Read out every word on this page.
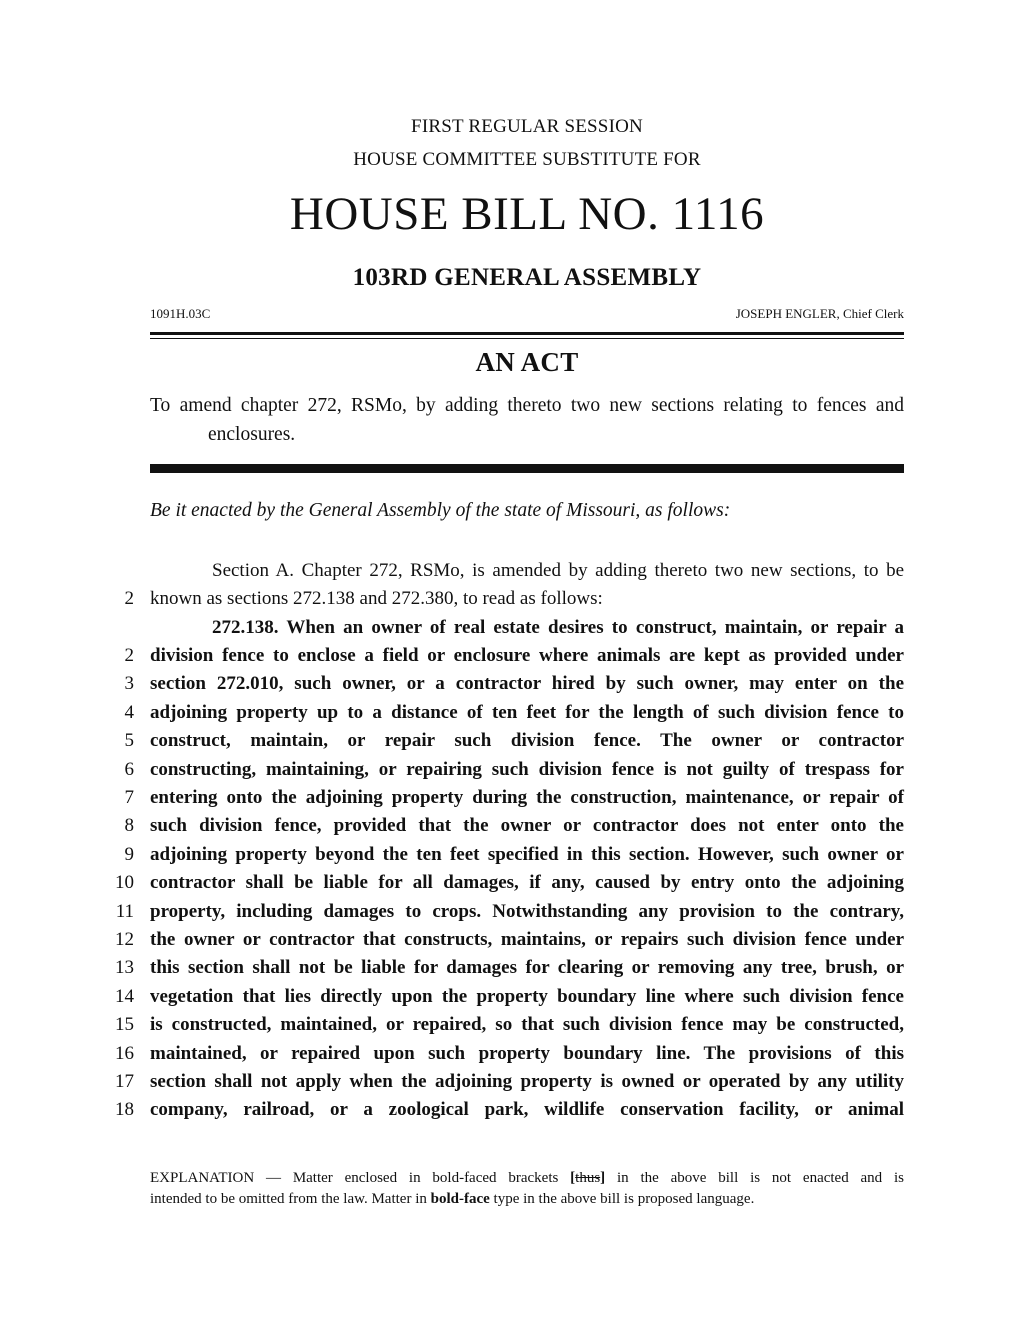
FIRST REGULAR SESSION
HOUSE COMMITTEE SUBSTITUTE FOR
HOUSE BILL NO. 1116
103RD GENERAL ASSEMBLY
1091H.03C	JOSEPH ENGLER, Chief Clerk
AN ACT
To amend chapter 272, RSMo, by adding thereto two new sections relating to fences and
enclosures.
Be it enacted by the General Assembly of the state of Missouri, as follows:
Section A. Chapter 272, RSMo, is amended by adding thereto two new sections, to be
2 known as sections 272.138 and 272.380, to read as follows:
272.138. When an owner of real estate desires to construct, maintain, or repair a
2 division fence to enclose a field or enclosure where animals are kept as provided under
3 section 272.010, such owner, or a contractor hired by such owner, may enter on the
4 adjoining property up to a distance of ten feet for the length of such division fence to
5 construct, maintain, or repair such division fence. The owner or contractor
6 constructing, maintaining, or repairing such division fence is not guilty of trespass for
7 entering onto the adjoining property during the construction, maintenance, or repair of
8 such division fence, provided that the owner or contractor does not enter onto the
9 adjoining property beyond the ten feet specified in this section. However, such owner or
10 contractor shall be liable for all damages, if any, caused by entry onto the adjoining
11 property, including damages to crops. Notwithstanding any provision to the contrary,
12 the owner or contractor that constructs, maintains, or repairs such division fence under
13 this section shall not be liable for damages for clearing or removing any tree, brush, or
14 vegetation that lies directly upon the property boundary line where such division fence
15 is constructed, maintained, or repaired, so that such division fence may be constructed,
16 maintained, or repaired upon such property boundary line. The provisions of this
17 section shall not apply when the adjoining property is owned or operated by any utility
18 company, railroad, or a zoological park, wildlife conservation facility, or animal
EXPLANATION — Matter enclosed in bold-faced brackets [thus] in the above bill is not enacted and is
intended to be omitted from the law. Matter in bold-face type in the above bill is proposed language.
